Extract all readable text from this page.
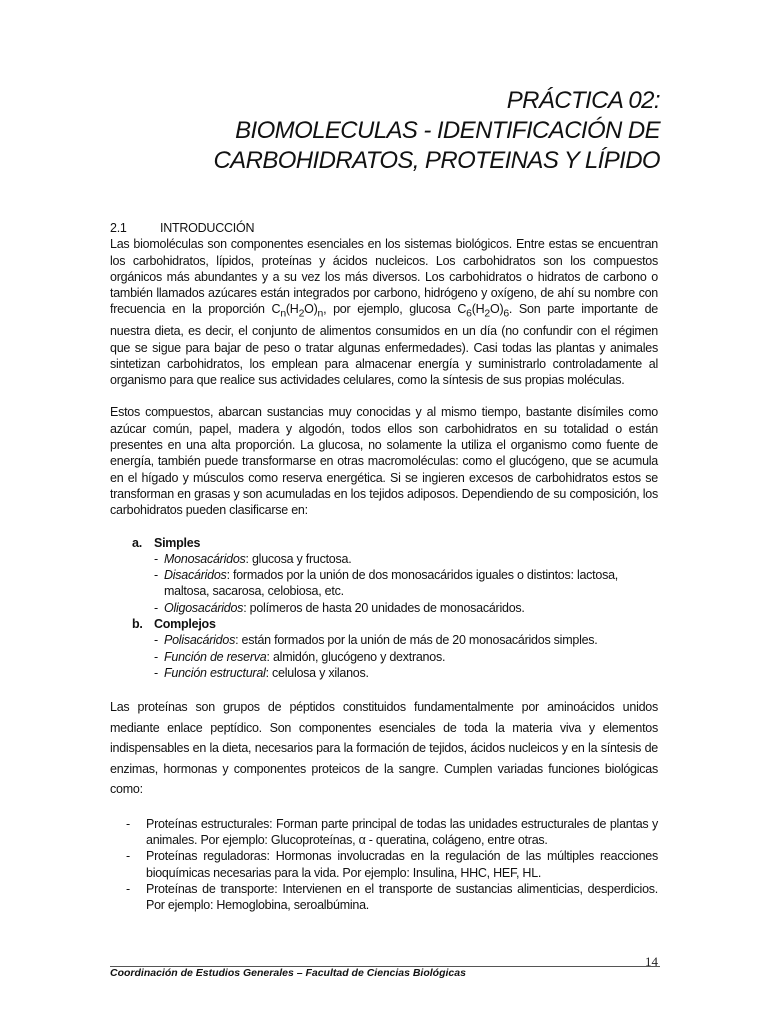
PRÁCTICA 02:
BIOMOLECULAS - IDENTIFICACIÓN DE
CARBOHIDRATOS, PROTEINAS Y LÍPIDO
2.1	INTRODUCCIÓN

Las biomoléculas son componentes esenciales en los sistemas biológicos. Entre estas se encuentran los carbohidratos, lípidos, proteínas y ácidos nucleicos. Los carbohidratos son los compuestos orgánicos más abundantes y a su vez los más diversos. Los carbohidratos o hidratos de carbono o también llamados azúcares están integrados por carbono, hidrógeno y oxígeno, de ahí su nombre con frecuencia en la proporción $C_n(H_2O)_n$, por ejemplo, glucosa $C_6(H_2O)_6$. Son parte importante de nuestra dieta, es decir, el conjunto de alimentos consumidos en un día (no confundir con el régimen que se sigue para bajar de peso o tratar algunas enfermedades). Casi todas las plantas y animales sintetizan carbohidratos, los emplean para almacenar energía y suministrarlo controladamente al organismo para que realice sus actividades celulares, como la síntesis de sus propias moléculas.

Estos compuestos, abarcan sustancias muy conocidas y al mismo tiempo, bastante disímiles como azúcar común, papel, madera y algodón, todos ellos son carbohidratos en su totalidad o están presentes en una alta proporción. La glucosa, no solamente la utiliza el organismo como fuente de energía, también puede transformarse en otras macromoléculas: como el glucógeno, que se acumula en el hígado y músculos como reserva energética. Si se ingieren excesos de carbohidratos estos se transforman en grasas y son acumuladas en los tejidos adiposos. Dependiendo de su composición, los carbohidratos pueden clasificarse en:

a. Simples
- Monosacáridos: glucosa y fructosa.
- Disacáridos: formados por la unión de dos monosacáridos iguales o distintos: lactosa,
maltosa, sacarosa, celobiosa, etc.
- Oligosacáridos: polímeros de hasta 20 unidades de monosacáridos.
b. Complejos
- Polisacáridos: están formados por la unión de más de 20 monosacáridos simples.
- Función de reserva: almidón, glucógeno y dextranos.
- Función estructural: celulosa y xilanos.

Las proteínas son grupos de péptidos constituidos fundamentalmente por aminoácidos unidos mediante enlace peptídico. Son componentes esenciales de toda la materia viva y elementos indispensables en la dieta, necesarios para la formación de tejidos, ácidos nucleicos y en la síntesis de enzimas, hormonas y componentes proteicos de la sangre. Cumplen variadas funciones biológicas como:

-	Proteínas estructurales: Forman parte principal de todas las unidades estructurales de plantas y animales. Por ejemplo: Glucoproteínas, α - queratina, colágeno, entre otras.
-	Proteínas reguladoras: Hormonas involucradas en la regulación de las múltiples reacciones bioquímicas necesarias para la vida. Por ejemplo: Insulina, HHC, HEF, HL.
-	Proteínas de transporte: Intervienen en el transporte de sustancias alimenticias, desperdicios. Por ejemplo: Hemoglobina, seroalbúmina.
14
Coordinación de Estudios Generales – Facultad de Ciencias Biológicas
